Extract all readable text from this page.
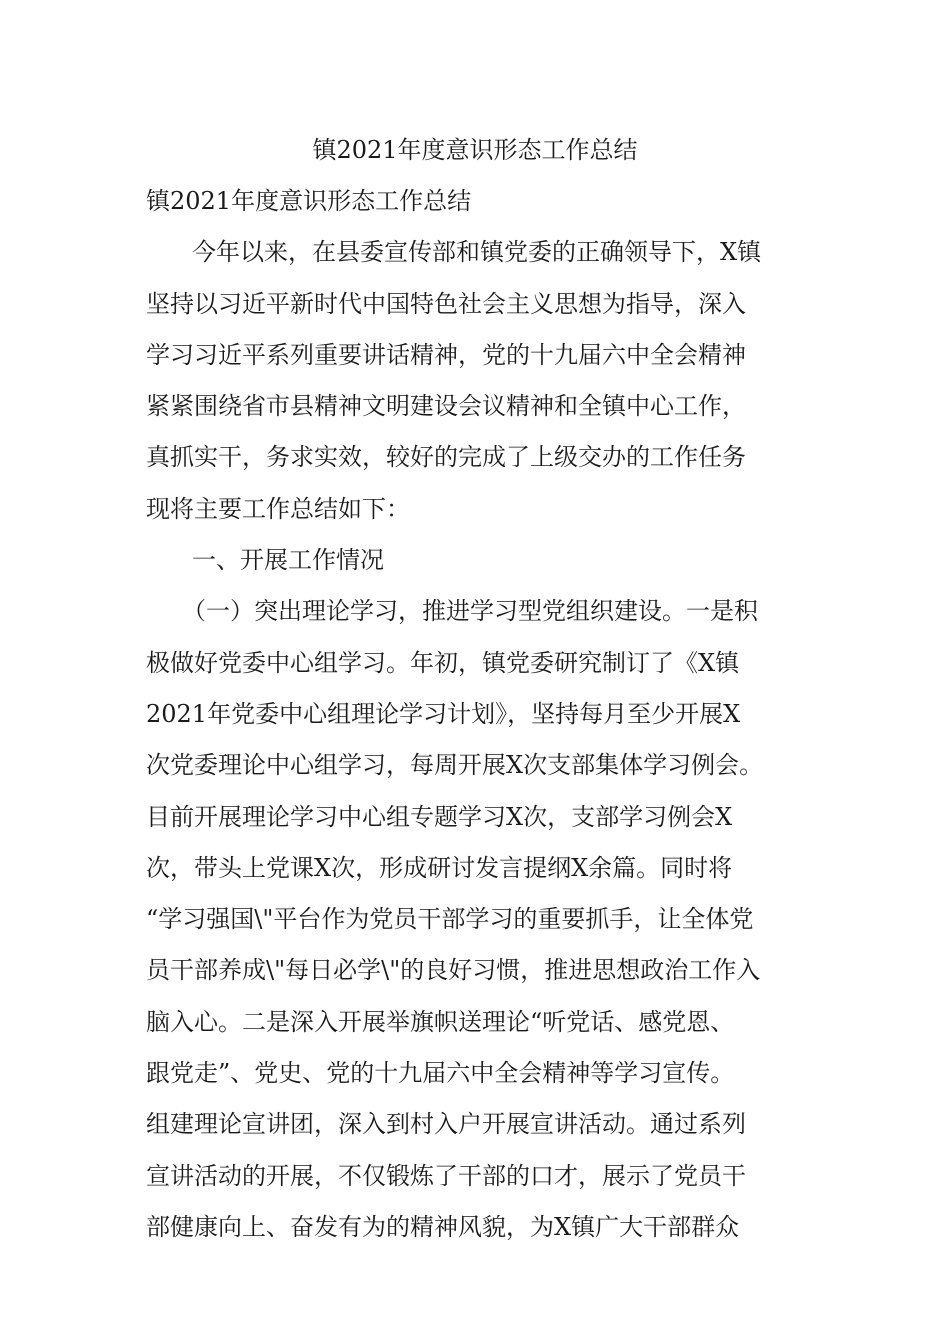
镇2021年度意识形态工作总结
镇2021年度意识形态工作总结
今年以来，在县委宣传部和镇党委的正确领导下，X镇
坚持以习近平新时代中国特色社会主义思想为指导，深入
学习习近平系列重要讲话精神，党的十九届六中全会精神
紧紧围绕省市县精神文明建设会议精神和全镇中心工作，
真抓实干，务求实效，较好的完成了上级交办的工作任务
现将主要工作总结如下：
一、开展工作情况
（一）突出理论学习，推进学习型党组织建设。一是积
极做好党委中心组学习。年初，镇党委研究制订了《X镇
2021年党委中心组理论学习计划》，坚持每月至少开展X
次党委理论中心组学习，每周开展X次支部集体学习例会。
目前开展理论学习中心组专题学习X次，支部学习例会X
次，带头上党课X次，形成研讨发言提纲X余篇。同时将
“学习强国\"平台作为党员干部学习的重要抓手，让全体党
员干部养成\"每日必学\"的良好习惯，推进思想政治工作入
脑入心。二是深入开展举旗帜送理论“听党话、感党恩、
跟党走”、党史、党的十九届六中全会精神等学习宣传。
组建理论宣讲团，深入到村入户开展宣讲活动。通过系列
宣讲活动的开展，不仅锻炼了干部的口才，展示了党员干
部健康向上、奋发有为的精神风貌，为X镇广大干部群众
